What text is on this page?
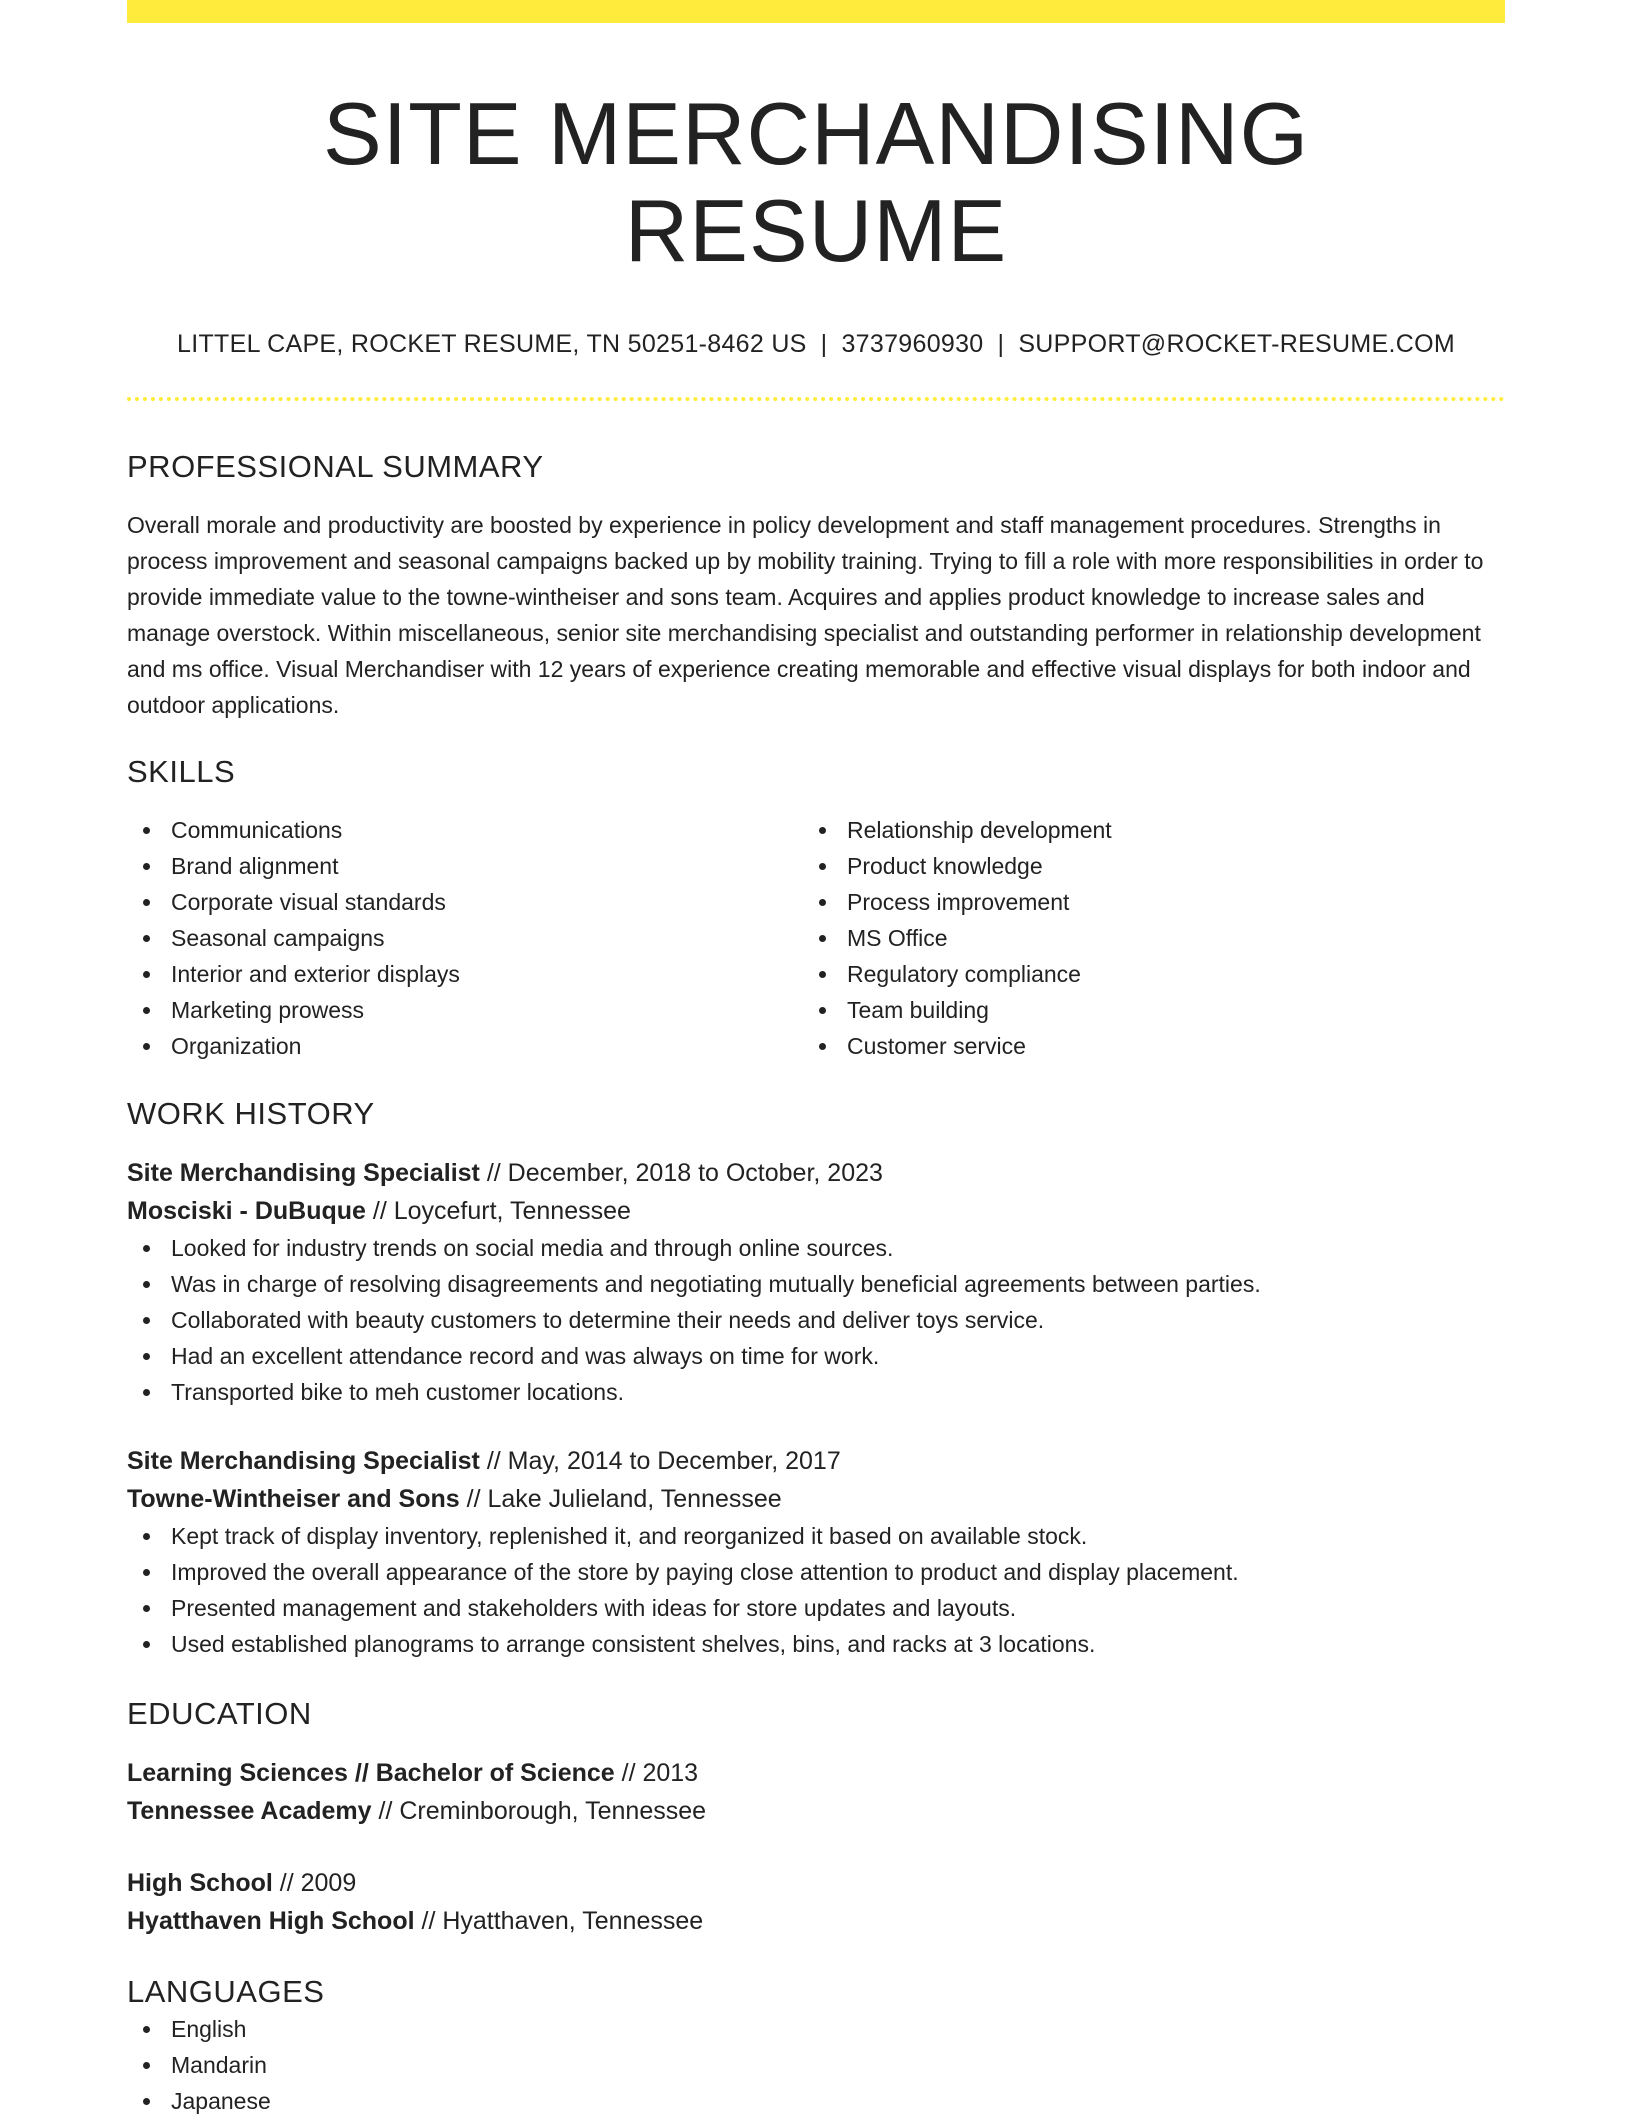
SITE MERCHANDISING RESUME
LITTEL CAPE, ROCKET RESUME, TN 50251-8462 US | 3737960930 | SUPPORT@ROCKET-RESUME.COM
PROFESSIONAL SUMMARY
Overall morale and productivity are boosted by experience in policy development and staff management procedures. Strengths in process improvement and seasonal campaigns backed up by mobility training. Trying to fill a role with more responsibilities in order to provide immediate value to the towne-wintheiser and sons team. Acquires and applies product knowledge to increase sales and manage overstock. Within miscellaneous, senior site merchandising specialist and outstanding performer in relationship development and ms office. Visual Merchandiser with 12 years of experience creating memorable and effective visual displays for both indoor and outdoor applications.
SKILLS
Communications
Brand alignment
Corporate visual standards
Seasonal campaigns
Interior and exterior displays
Marketing prowess
Organization
Relationship development
Product knowledge
Process improvement
MS Office
Regulatory compliance
Team building
Customer service
WORK HISTORY
Site Merchandising Specialist // December, 2018 to October, 2023
Mosciski - DuBuque // Loycefurt, Tennessee
Looked for industry trends on social media and through online sources.
Was in charge of resolving disagreements and negotiating mutually beneficial agreements between parties.
Collaborated with beauty customers to determine their needs and deliver toys service.
Had an excellent attendance record and was always on time for work.
Transported bike to meh customer locations.
Site Merchandising Specialist // May, 2014 to December, 2017
Towne-Wintheiser and Sons // Lake Julieland, Tennessee
Kept track of display inventory, replenished it, and reorganized it based on available stock.
Improved the overall appearance of the store by paying close attention to product and display placement.
Presented management and stakeholders with ideas for store updates and layouts.
Used established planograms to arrange consistent shelves, bins, and racks at 3 locations.
EDUCATION
Learning Sciences // Bachelor of Science // 2013
Tennessee Academy // Creminborough, Tennessee
High School // 2009
Hyatthaven High School // Hyatthaven, Tennessee
LANGUAGES
English
Mandarin
Japanese
